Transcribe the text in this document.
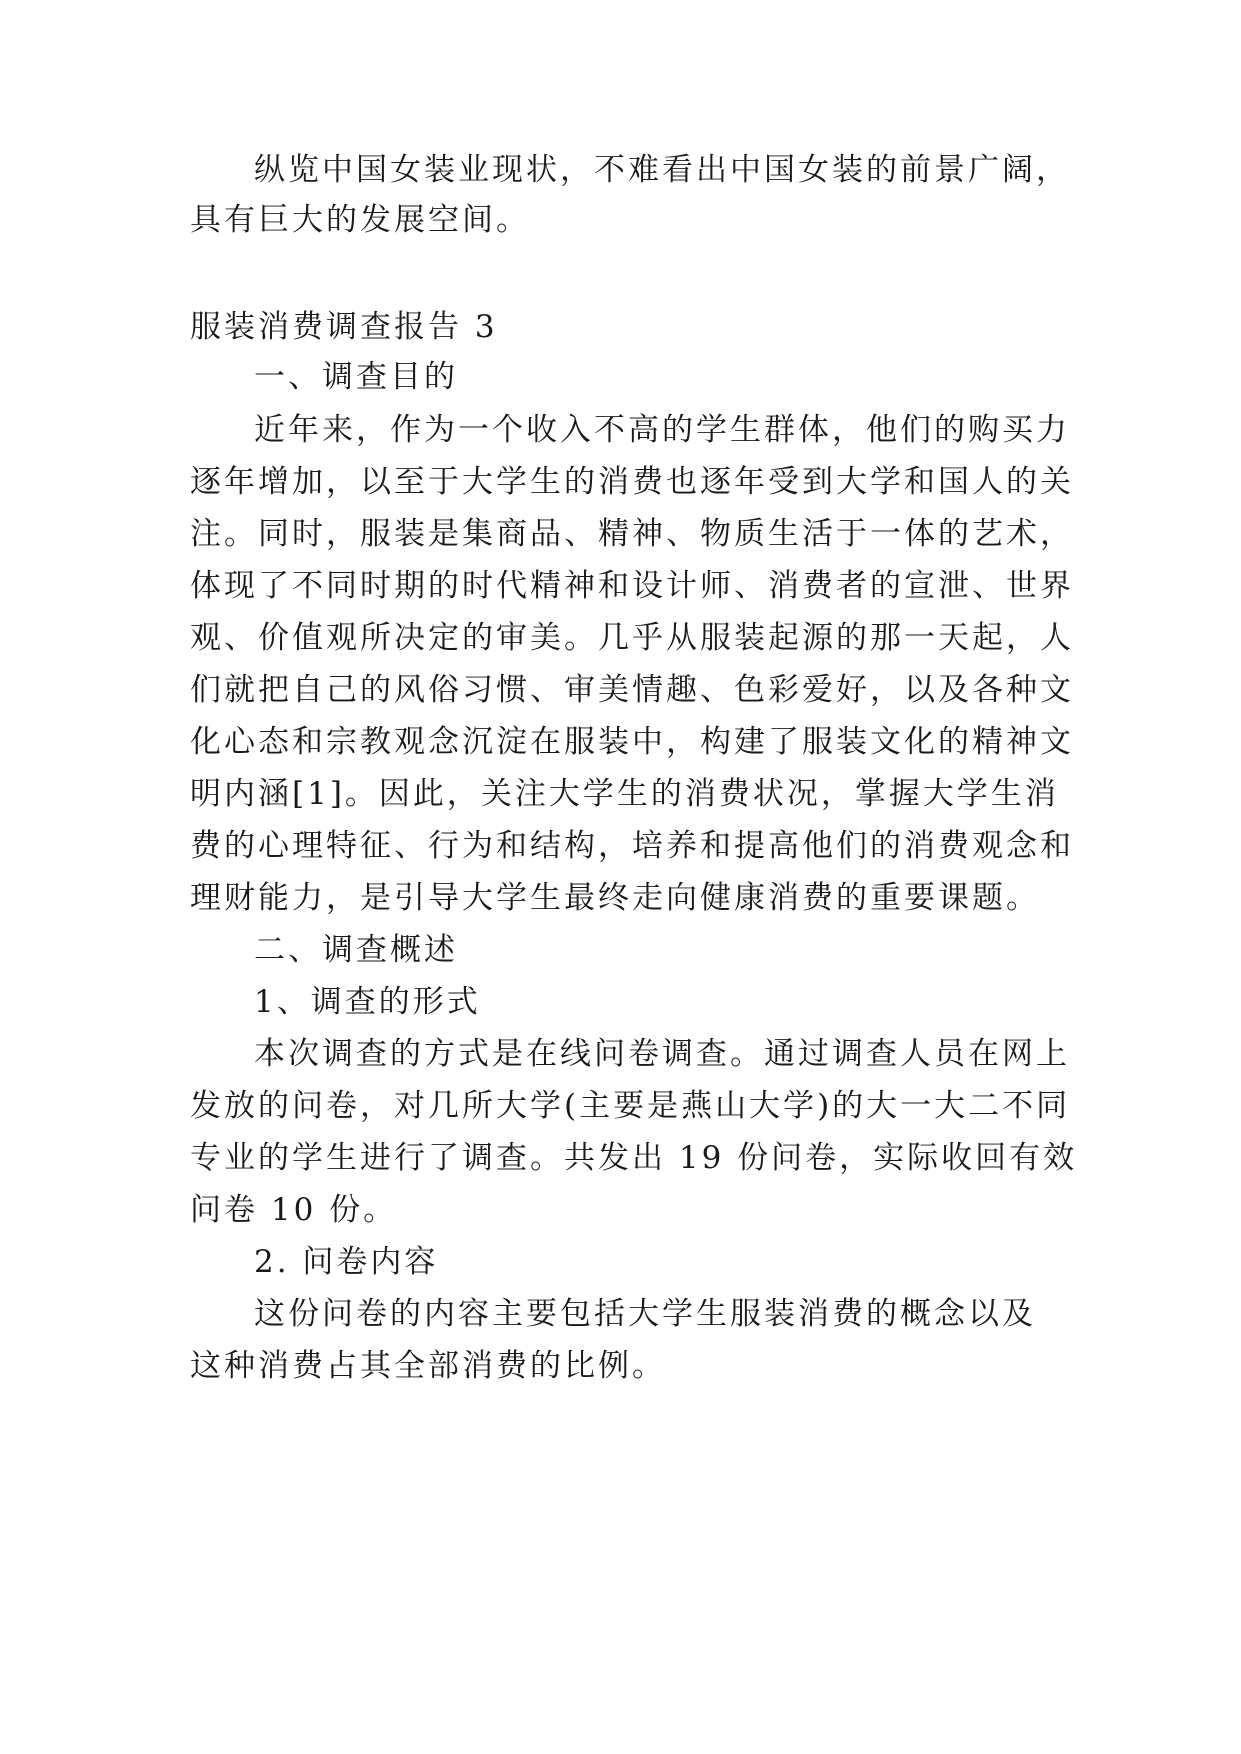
纵览中国女装业现状，不难看出中国女装的前景广阔，
具有巨大的发展空间。
服装消费调查报告 3
一、调查目的
近年来，作为一个收入不高的学生群体，他们的购买力
逐年增加，以至于大学生的消费也逐年受到大学和国人的关
注。同时，服装是集商品、精神、物质生活于一体的艺术，
体现了不同时期的时代精神和设计师、消费者的宣泄、世界
观、价值观所决定的审美。几乎从服装起源的那一天起，人
们就把自己的风俗习惯、审美情趣、色彩爱好，以及各种文
化心态和宗教观念沉淀在服装中，构建了服装文化的精神文
明内涵[1]。因此，关注大学生的消费状况，掌握大学生消
费的心理特征、行为和结构，培养和提高他们的消费观念和
理财能力，是引导大学生最终走向健康消费的重要课题。
二、调查概述
1、调查的形式
本次调查的方式是在线问卷调查。通过调查人员在网上
发放的问卷，对几所大学(主要是燕山大学)的大一大二不同
专业的学生进行了调查。共发出 19 份问卷，实际收回有效
问卷 10 份。
2. 问卷内容
这份问卷的内容主要包括大学生服装消费的概念以及
这种消费占其全部消费的比例。
